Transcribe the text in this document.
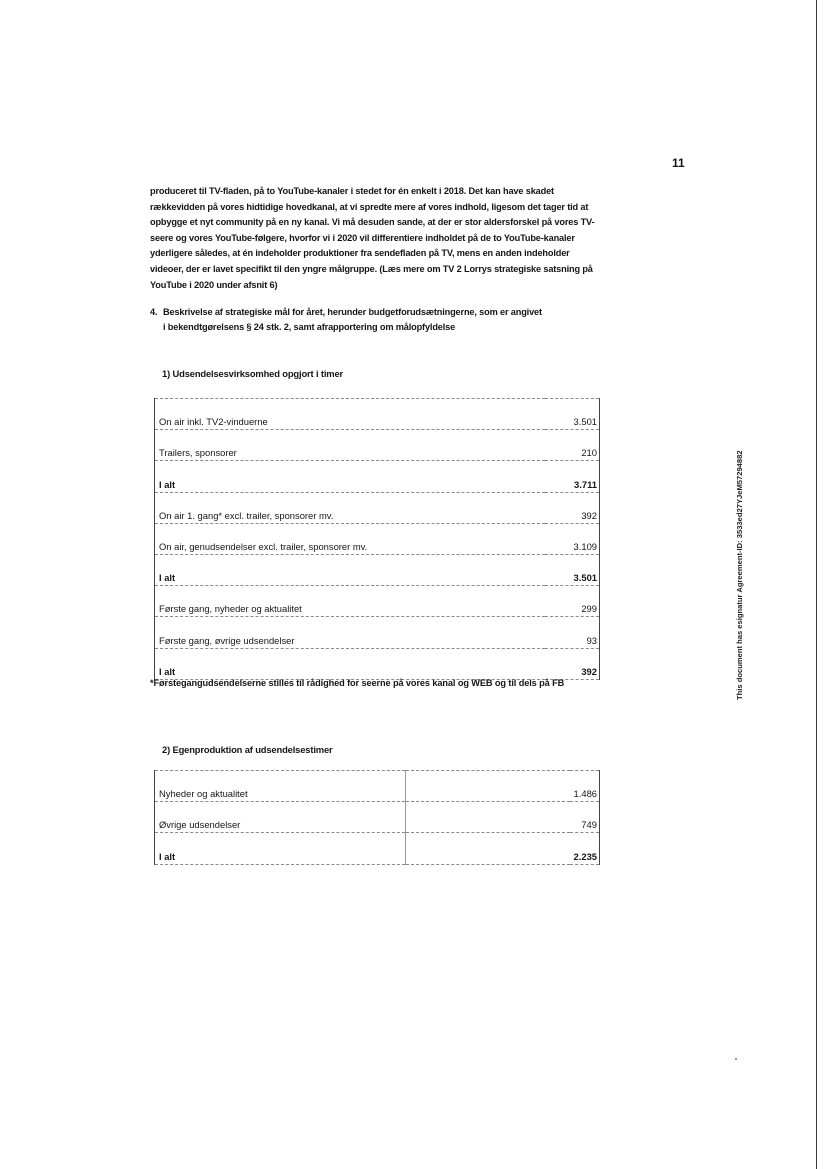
11

produceret til TV-fladen, på to YouTube-kanaler i stedet for én enkelt i 2018. Det kan have skadet
rækkevidden på vores hidtidige hovedkanal, at vi spredte mere af vores indhold, ligesom det tager tid at
opbygge et nyt community på en ny kanal. Vi må desuden sande, at der er stor aldersforskel på vores TV-
seere og vores YouTube-følgere, hvorfor vi i 2020 vil differentiere indholdet på de to YouTube-kanaler
yderligere således, at én indeholder produktioner fra sendefladen på TV, mens en anden indeholder
videoer, der er lavet specifikt til den yngre målgruppe. (Læs mere om TV 2 Lorrys strategiske satsning på
YouTube i 2020 under afsnit 6)

4. Beskrivelse af strategiske mål for året, herunder budgetforudsætningerne, som er angivet
i bekendtgørelsens § 24 stk. 2, samt afrapportering om målopfyldelse
1) Udsendelsesvirksomhed opgjort i timer
On air inkl. TV2-vinduerne	3.501
Trailers, sponsorer	210
I alt	3.711
On air 1. gang* excl. trailer, sponsorer mv.	392
On air, genudsendelser excl. trailer, sponsorer mv.	3.109
I alt	3.501
Første gang, nyheder og aktualitet	299
Første gang, øvrige udsendelser	93
I alt	392
*Førstegangudsendelserne stilles til rådighed for seerne på vores kanal og WEB og til dels på FB
2) Egenproduktion af udsendelsestimer
Nyheder og aktualitet		1.486
Øvrige udsendelser		749
I alt		2.235
This document has esignatur Agreement-ID: 3533ed27YJeM57294882
